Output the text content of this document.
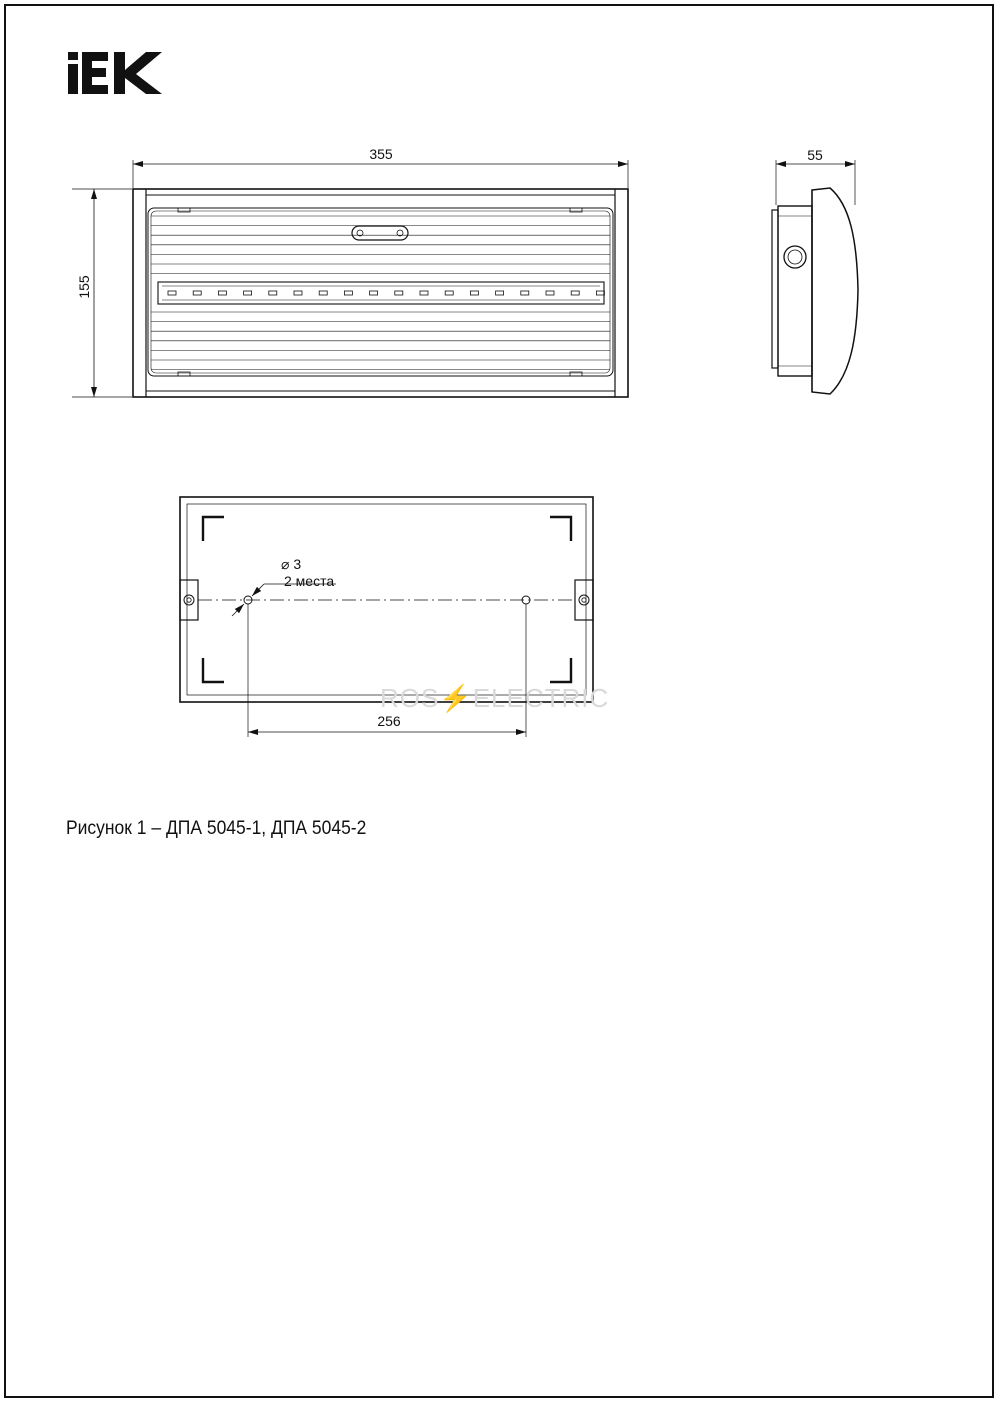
355
155
55
⌀ 3
2 места
256
ROS⚡ELECTRIC
Рисунок 1 – ДПА 5045-1, ДПА 5045-2
